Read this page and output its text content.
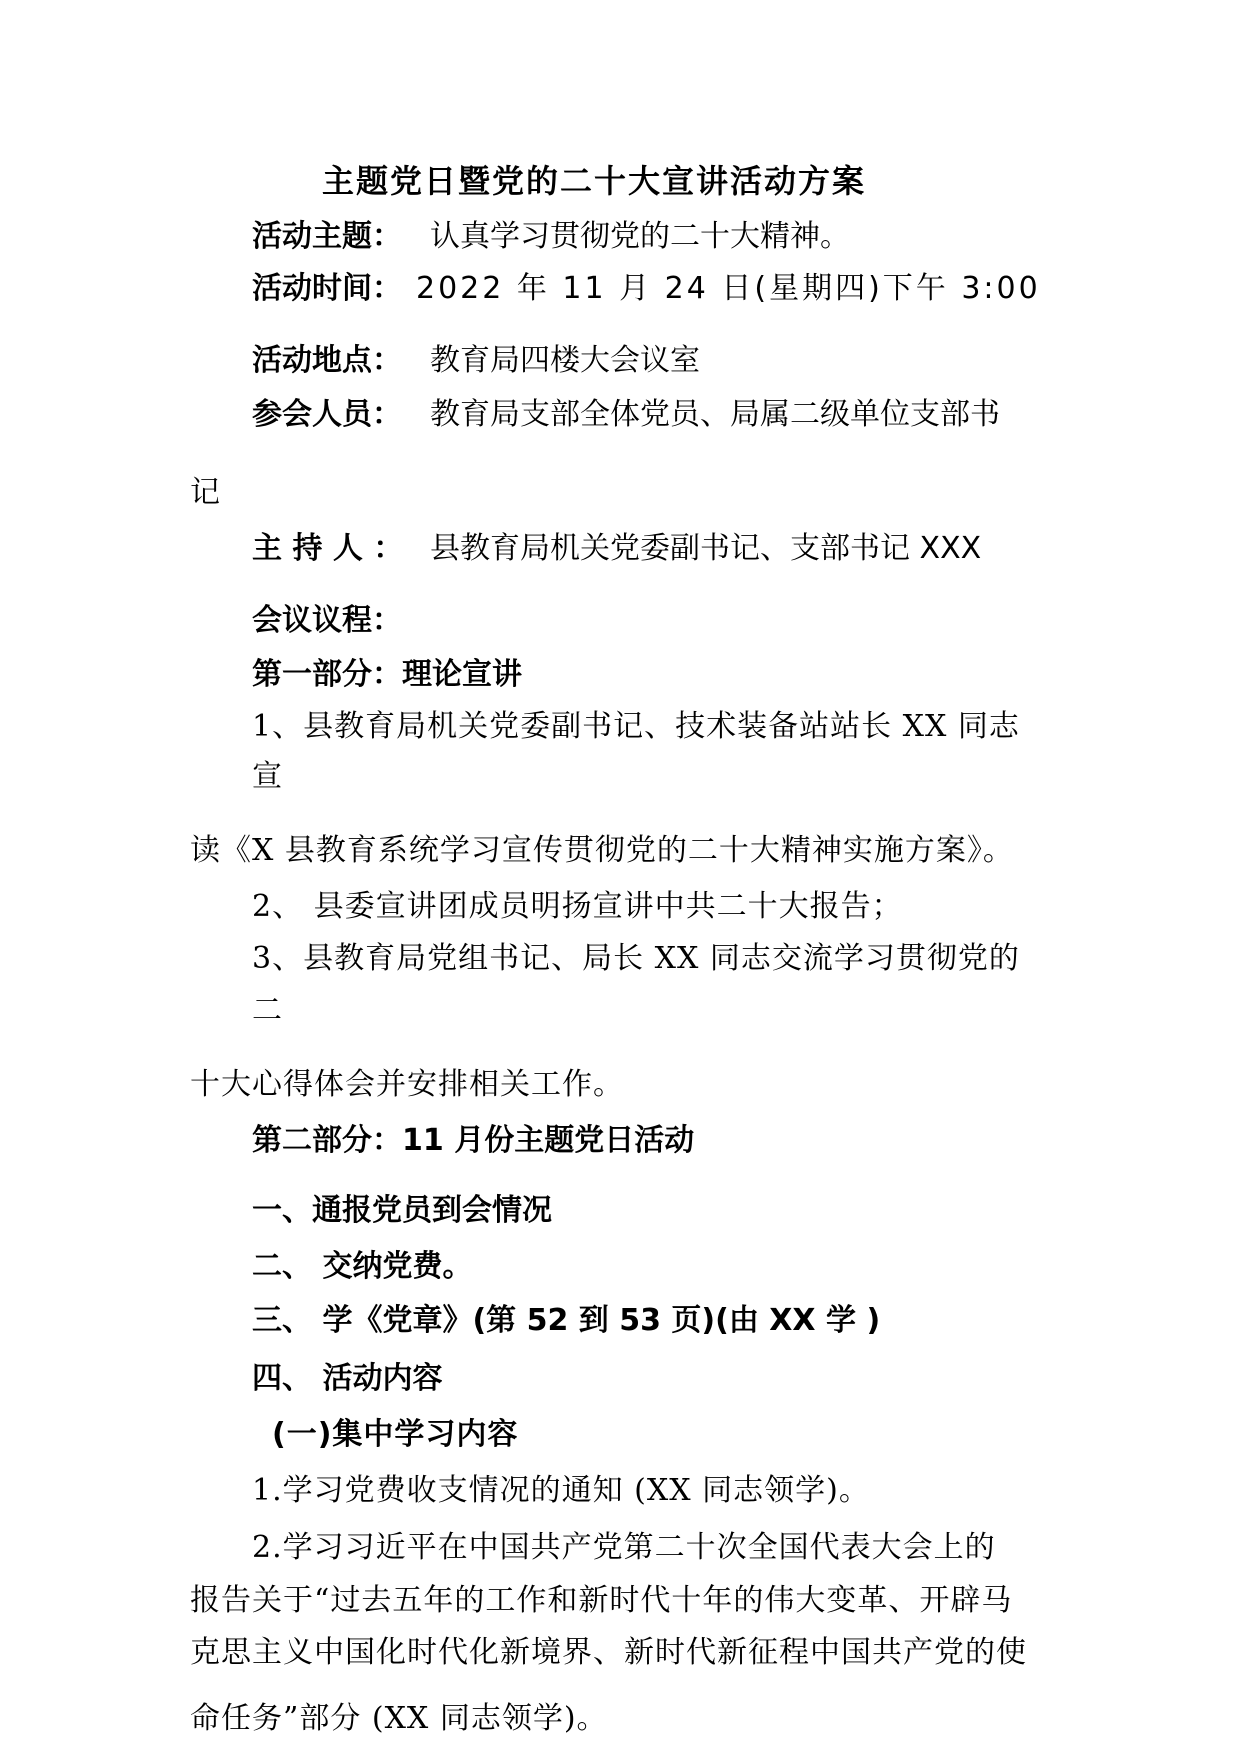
主题党日暨党的二十大宣讲活动方案
活动主题： 认真学习贯彻党的二十大精神。
活动时间： 2022 年 11 月 24 日(星期四)下午 3:00
活动地点： 教育局四楼大会议室
参会人员： 教育局支部全体党员、局属二级单位支部书
记
主 持 人 ： 县教育局机关党委副书记、支部书记 XXX
会议议程：
第一部分：理论宣讲
1、县教育局机关党委副书记、技术装备站站长 XX 同志
宣
读《X 县教育系统学习宣传贯彻党的二十大精神实施方案》。
2、 县委宣讲团成员明扬宣讲中共二十大报告；
3、县教育局党组书记、局长 XX 同志交流学习贯彻党的
二
十大心得体会并安排相关工作。
第二部分：11 月份主题党日活动
一、通报党员到会情况
二、 交纳党费。
三、 学《党章》(第 52 到 53 页)(由 XX 学 )
四、 活动内容
(一)集中学习内容
1.学习党费收支情况的通知 (XX 同志领学)。
2.学习习近平在中国共产党第二十次全国代表大会上的
报告关于“过去五年的工作和新时代十年的伟大变革、开辟马
克思主义中国化时代化新境界、新时代新征程中国共产党的使
命任务”部分 (XX 同志领学)。
